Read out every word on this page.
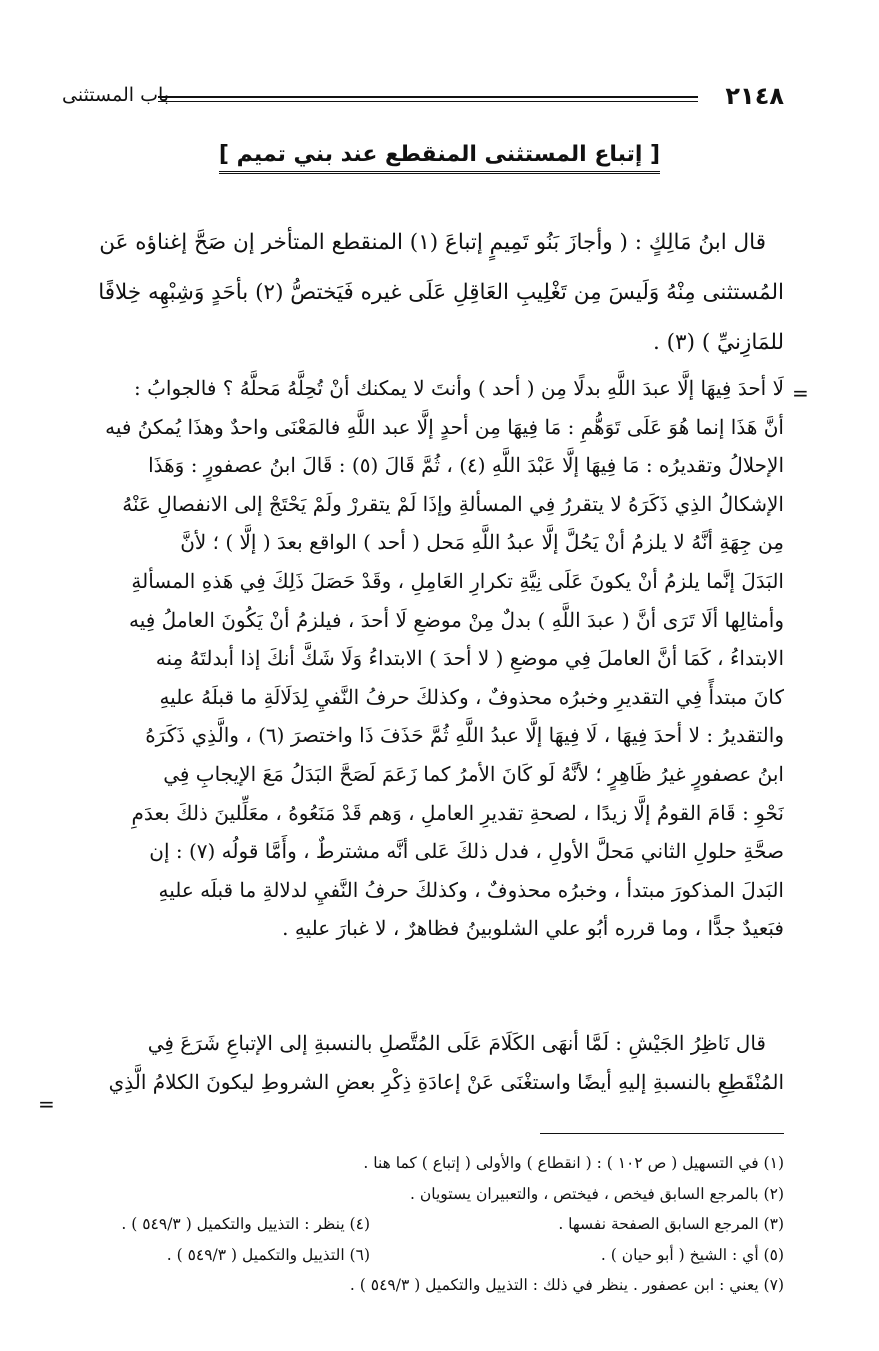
٢١٤٨
باب المستثنى
[ إتباع المستثنى المنقطع عند بني تميم ]
قال ابنُ مَالِكٍ : ( وأجازَ بَنُو تَمِيمٍ إتباعَ (١) المنقطع المتأخر إن صَحَّ إغناؤه عَن
المُستثنى مِنْهُ وَلَيسَ مِن تَغْلِيبِ العَاقِلِ عَلَى غيره فَيَختصُّ (٢) بأحَدٍ وَشِبْهِه خِلافًا
للمَازِنيِّ ) (٣) .
=
لَا أحدَ فِيهَا إلَّا عبدَ اللَّهِ بدلًا مِن ( أحد ) وأنتَ لا يمكنك أنْ تُحِلَّهُ مَحلَّهُ ؟ فالجوابُ :
أنَّ هَذَا إنما هُوَ عَلَى تَوَهُّمِ : مَا فِيهَا مِن أحدٍ إلَّا عبد اللَّهِ فالمَعْنَى واحدٌ وهذَا يُمكنُ فيه
الإحلالُ وتقديرُه : مَا فِيهَا إلَّا عَبْدَ اللَّهِ (٤) ، ثُمَّ قَالَ (٥) : قَالَ ابنُ عصفورٍ : وَهَذَا
الإشكالُ الذِي ذَكَرَهُ لا يتقررُ فِي المسألةِ وإذَا لَمْ يتقررْ ولَمْ يَحْتَجْ إلى الانفصالِ عَنْهُ
مِن جِهَةِ أنَّهُ لا يلزمُ أنْ يَحُلَّ إلَّا عبدُ اللَّهِ مَحل ( أحد ) الواقع بعدَ ( إلَّا ) ؛ لأنَّ
البَدَلَ إنَّما يلزمُ أنْ يكونَ عَلَى نِيَّةِ تكرارِ العَامِلِ ، وقَدْ حَصَلَ ذَلِكَ فِي هَذهِ المسألةِ
وأمثالِها ألَا تَرَى أنَّ ( عبدَ اللَّهِ ) بدلٌ مِنْ موضعِ لَا أحدَ ، فيلزمُ أنْ يَكُونَ العاملُ فِيه
الابتداءُ ، كَمَا أنَّ العاملَ فِي موضعِ ( لا أحدَ ) الابتداءُ وَلَا شَكَّ أنكَ إذا أبدلتَهُ مِنه
كانَ مبتدأً فِي التقديرِ وخبرُه محذوفٌ ، وكذلكَ حرفُ النَّفيِ لِدَلَالَةِ ما قبلَهُ عليهِ
والتقديرُ : لا أحدَ فِيهَا ، لَا فِيهَا إلَّا عبدُ اللَّهِ ثُمَّ حَذَفَ ذَا واختصرَ (٦) ، والَّذِي ذَكَرَهُ
ابنُ عصفورٍ غيرُ ظَاهِرٍ ؛ لأنَّهُ لَو كَانَ الأمرُ كما زَعَمَ لَصَحَّ البَدَلُ مَعَ الإيجابِ فِي
نَحْوِ : قَامَ القومُ إلَّا زيدًا ، لصحةِ تقديرِ العاملِ ، وَهم قَدْ مَنَعُوهُ ، معَلِّلينَ ذلكَ بعدَمِ
صحَّةِ حلولِ الثاني مَحلَّ الأولِ ، فدل ذلكَ عَلى أنَّه مشترطٌ ، وأَمَّا قولُه (٧) : إن
البَدلَ المذكورَ مبتدأ ، وخبرُه محذوفٌ ، وكذلكَ حرفُ النَّفيِ لدلالةِ ما قبلَه عليهِ
فبَعيدٌ جدًّا ، وما قرره أبُو علي الشلوبينُ فظاهرٌ ، لا غبارَ عليهِ .
قال نَاظِرُ الجَيْشِ : لَمَّا أنهَى الكَلَامَ عَلَى المُتَّصلِ بالنسبةِ إلى الإتباعِ شَرَعَ فِي
المُنْقَطِعِ بالنسبةِ إليهِ أيضًا واستغْنَى عَنْ إعادَةِ ذِكْرِ بعضِ الشروطِ ليكونَ الكلامُ الَّذِي
=
(١) في التسهيل ( ص ١٠٢ ) : ( انقطاع ) والأولى ( إتباع ) كما هنا .
(٢) بالمرجع السابق فيخص ، فيختص ، والتعبيران يستويان .
(٣) المرجع السابق الصفحة نفسها .
(٤) ينظر : التذييل والتكميل ( ٥٤٩/٣ ) .
(٥) أي : الشيخ ( أبو حيان ) .
(٦) التذييل والتكميل ( ٥٤٩/٣ ) .
(٧) يعني : ابن عصفور . ينظر في ذلك : التذييل والتكميل ( ٥٤٩/٣ ) .
